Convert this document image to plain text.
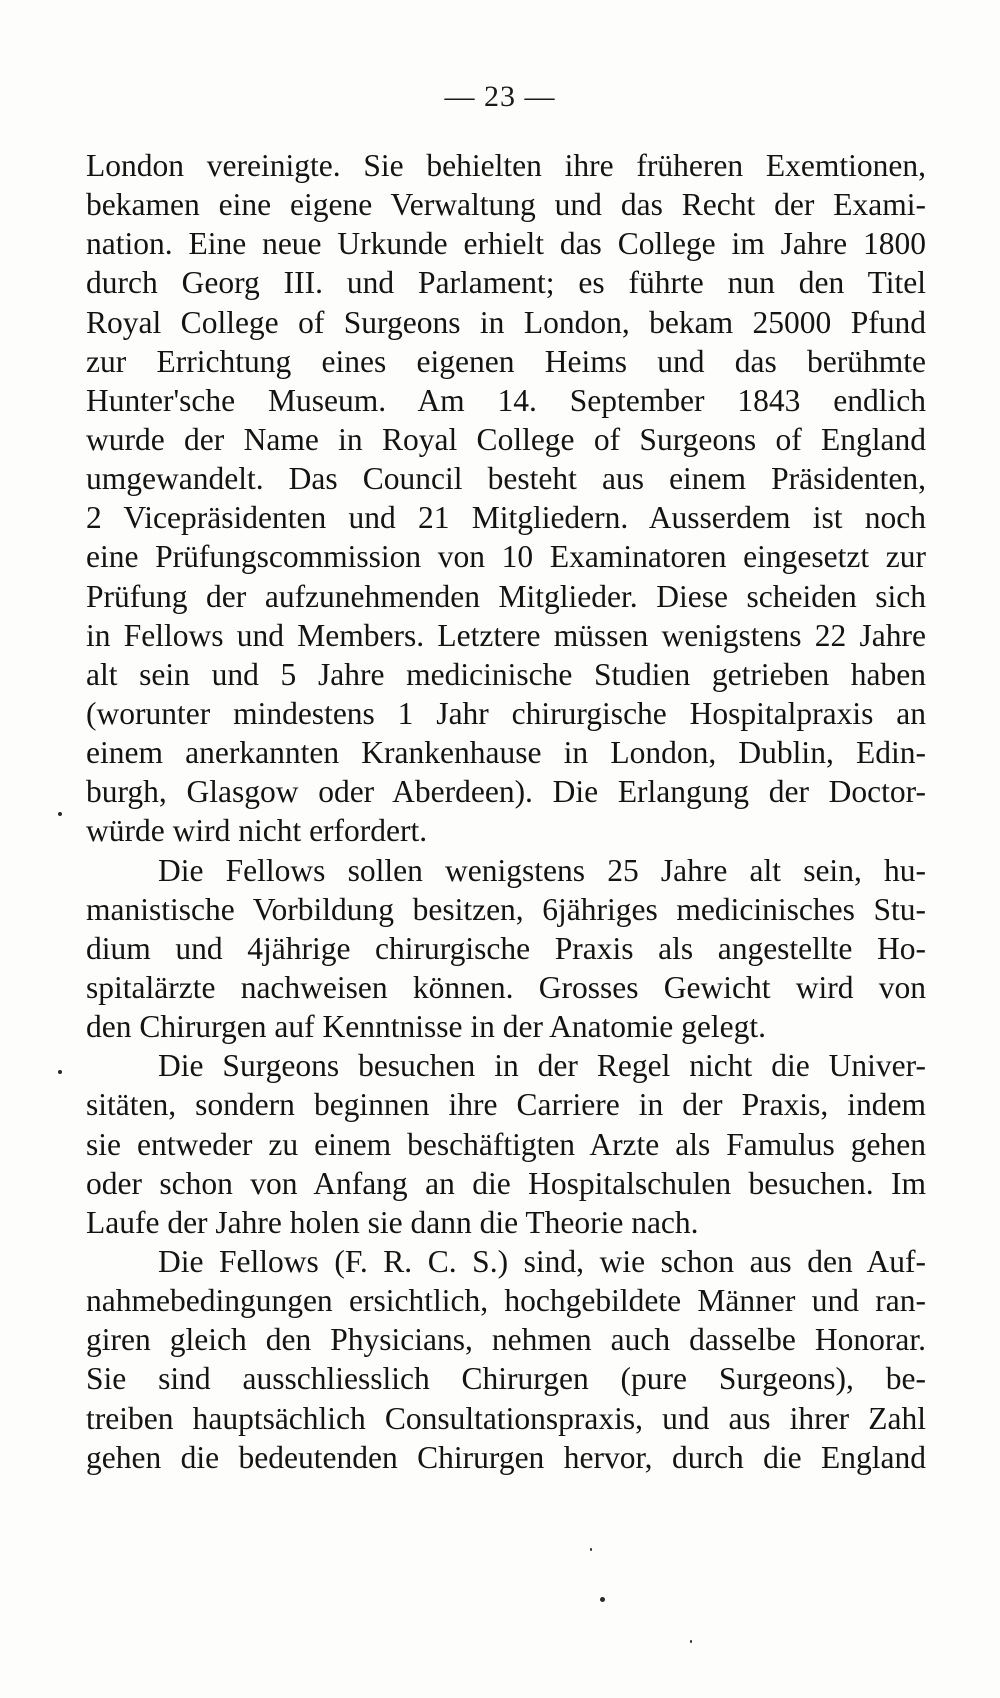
— 23 —
London vereinigte. Sie behielten ihre früheren Exemtionen,
bekamen eine eigene Verwaltung und das Recht der Exami-
nation. Eine neue Urkunde erhielt das College im Jahre 1800
durch Georg III. und Parlament; es führte nun den Titel
Royal College of Surgeons in London, bekam 25000 Pfund
zur Errichtung eines eigenen Heims und das berühmte
Hunter'sche Museum. Am 14. September 1843 endlich
wurde der Name in Royal College of Surgeons of England
umgewandelt. Das Council besteht aus einem Präsidenten,
2 Vicepräsidenten und 21 Mitgliedern. Ausserdem ist noch
eine Prüfungscommission von 10 Examinatoren eingesetzt zur
Prüfung der aufzunehmenden Mitglieder. Diese scheiden sich
in Fellows und Members. Letztere müssen wenigstens 22 Jahre
alt sein und 5 Jahre medicinische Studien getrieben haben
(worunter mindestens 1 Jahr chirurgische Hospitalpraxis an
einem anerkannten Krankenhause in London, Dublin, Edin-
burgh, Glasgow oder Aberdeen). Die Erlangung der Doctor-
würde wird nicht erfordert.
Die Fellows sollen wenigstens 25 Jahre alt sein, hu-
manistische Vorbildung besitzen, 6jähriges medicinisches Stu-
dium und 4jährige chirurgische Praxis als angestellte Ho-
spitalärzte nachweisen können. Grosses Gewicht wird von
den Chirurgen auf Kenntnisse in der Anatomie gelegt.
Die Surgeons besuchen in der Regel nicht die Univer-
sitäten, sondern beginnen ihre Carriere in der Praxis, indem
sie entweder zu einem beschäftigten Arzte als Famulus gehen
oder schon von Anfang an die Hospitalschulen besuchen. Im
Laufe der Jahre holen sie dann die Theorie nach.
Die Fellows (F. R. C. S.) sind, wie schon aus den Auf-
nahmebedingungen ersichtlich, hochgebildete Männer und ran-
giren gleich den Physicians, nehmen auch dasselbe Honorar.
Sie sind ausschliesslich Chirurgen (pure Surgeons), be-
treiben hauptsächlich Consultationspraxis, und aus ihrer Zahl
gehen die bedeutenden Chirurgen hervor, durch die England
